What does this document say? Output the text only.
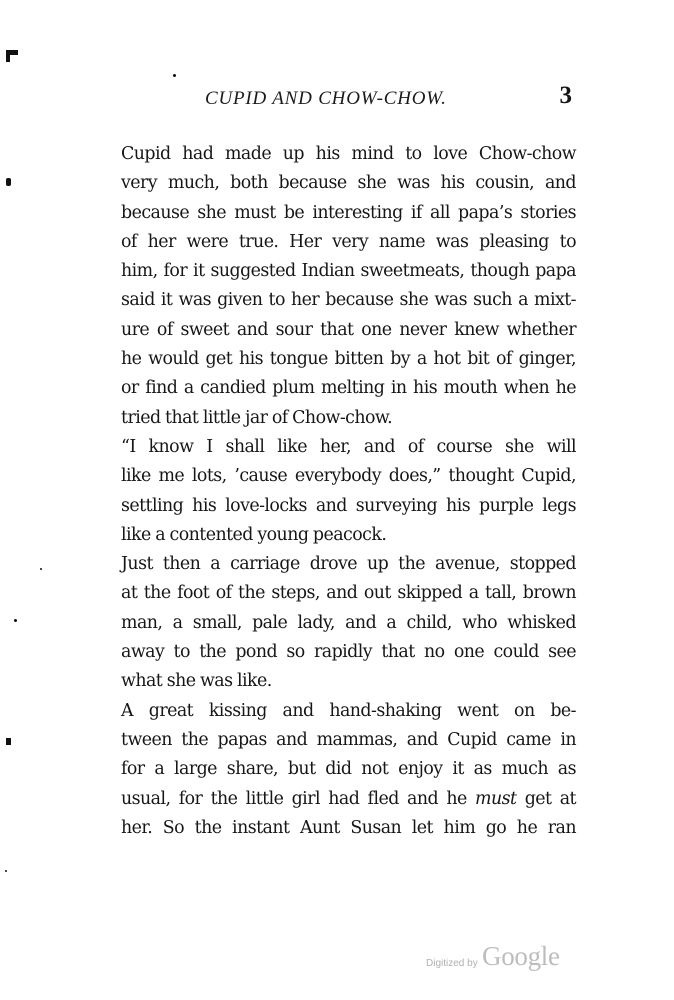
CUPID AND CHOW-CHOW.	3
Cupid had made up his mind to love Chow-chow
very much, both because she was his cousin, and
because she must be interesting if all papa’s stories
of her were true. Her very name was pleasing to
him, for it suggested Indian sweetmeats, though papa
said it was given to her because she was such a mixt-
ure of sweet and sour that one never knew whether
he would get his tongue bitten by a hot bit of ginger,
or find a candied plum melting in his mouth when he
tried that little jar of Chow-chow.
“I know I shall like her, and of course she will
like me lots, ’cause everybody does,” thought Cupid,
settling his love-locks and surveying his purple legs
like a contented young peacock.
Just then a carriage drove up the avenue, stopped
at the foot of the steps, and out skipped a tall, brown
man, a small, pale lady, and a child, who whisked
away to the pond so rapidly that no one could see
what she was like.
A great kissing and hand-shaking went on be-
tween the papas and mammas, and Cupid came in
for a large share, but did not enjoy it as much as
usual, for the little girl had fled and he must get at
her. So the instant Aunt Susan let him go he ran
Digitized by Google
